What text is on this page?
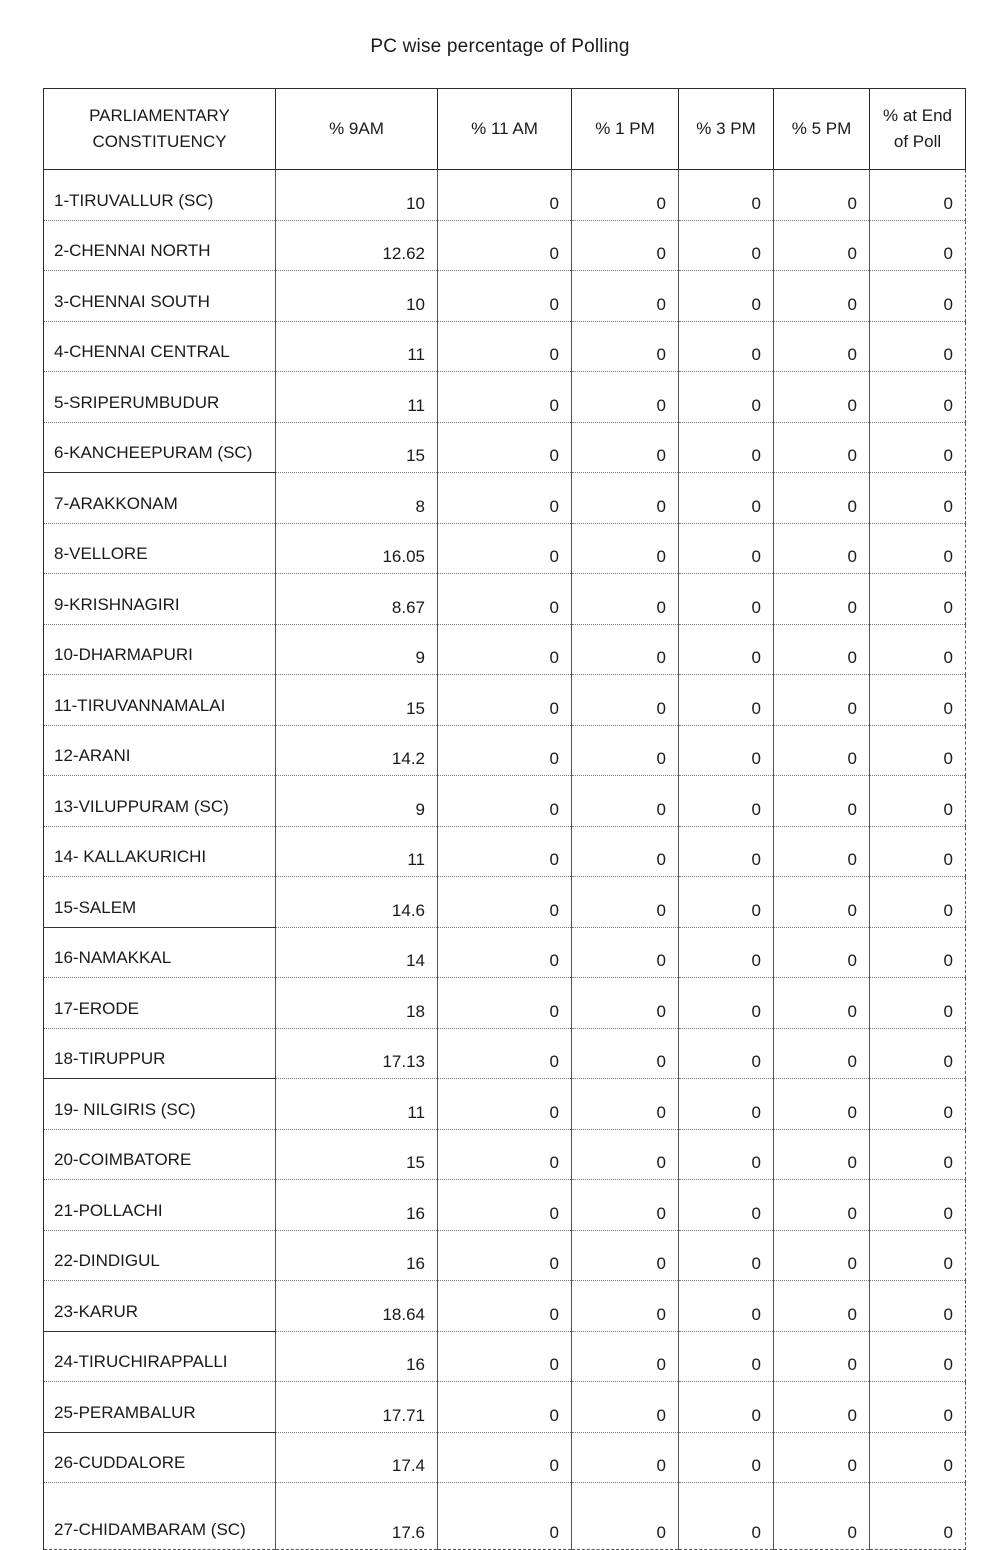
PC wise percentage of Polling
PARLIAMENTARY CONSTITUENCY	% 9AM	% 11 AM	% 1 PM	% 3 PM	% 5 PM	% at End of Poll
1-TIRUVALLUR (SC)	10	0	0	0	0	0
2-CHENNAI NORTH	12.62	0	0	0	0	0
3-CHENNAI SOUTH	10	0	0	0	0	0
4-CHENNAI CENTRAL	11	0	0	0	0	0
5-SRIPERUMBUDUR	11	0	0	0	0	0
6-KANCHEEPURAM (SC)	15	0	0	0	0	0
7-ARAKKONAM	8	0	0	0	0	0
8-VELLORE	16.05	0	0	0	0	0
9-KRISHNAGIRI	8.67	0	0	0	0	0
10-DHARMAPURI	9	0	0	0	0	0
11-TIRUVANNAMALAI	15	0	0	0	0	0
12-ARANI	14.2	0	0	0	0	0
13-VILUPPURAM (SC)	9	0	0	0	0	0
14- KALLAKURICHI	11	0	0	0	0	0
15-SALEM	14.6	0	0	0	0	0
16-NAMAKKAL	14	0	0	0	0	0
17-ERODE	18	0	0	0	0	0
18-TIRUPPUR	17.13	0	0	0	0	0
19- NILGIRIS (SC)	11	0	0	0	0	0
20-COIMBATORE	15	0	0	0	0	0
21-POLLACHI	16	0	0	0	0	0
22-DINDIGUL	16	0	0	0	0	0
23-KARUR	18.64	0	0	0	0	0
24-TIRUCHIRAPPALLI	16	0	0	0	0	0
25-PERAMBALUR	17.71	0	0	0	0	0
26-CUDDALORE	17.4	0	0	0	0	0
27-CHIDAMBARAM (SC)	17.6	0	0	0	0	0
